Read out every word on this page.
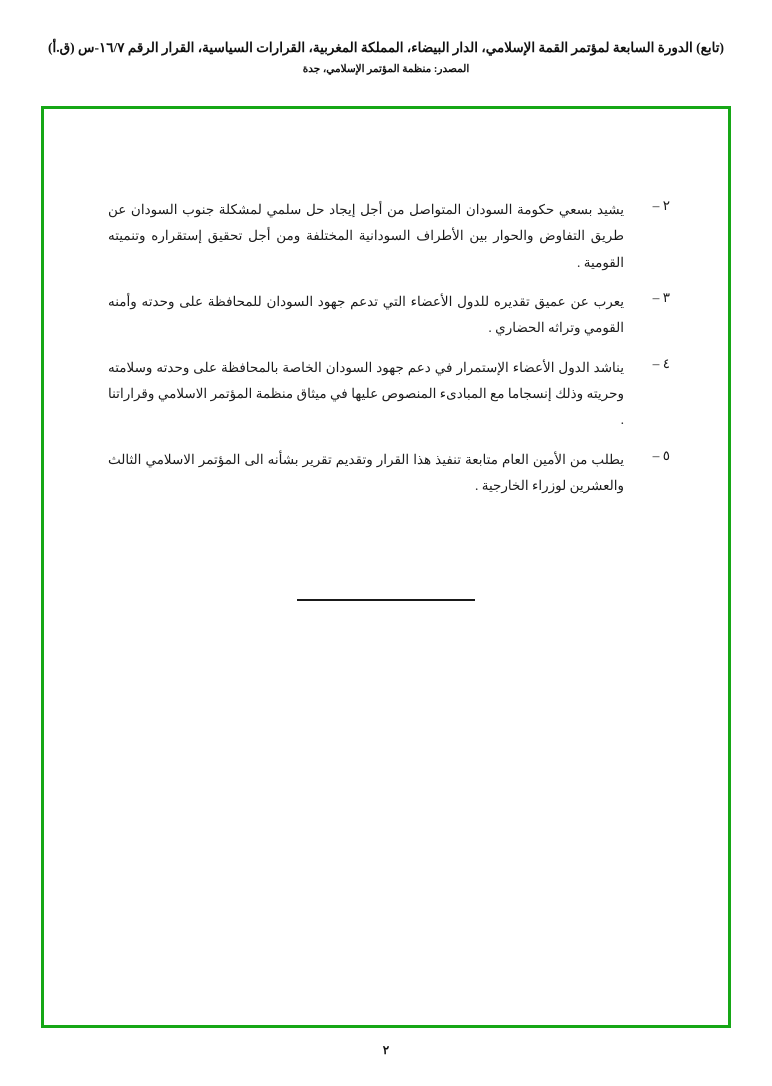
(تابع) الدورة السابعة لمؤتمر القمة الإسلامي، الدار البيضاء، المملكة المغربية، القرارات السياسية، القرار الرقم ١٦/٧-س (ق.أ)
المصدر: منظمة المؤتمر الإسلامي، جدة
٢ –
يشيد بسعي حكومة السودان المتواصل من أجل إيجاد حل سلمي لمشكلة جنوب السودان عن طريق التفاوض والحوار بين الأطراف السودانية المختلفة ومن أجل تحقيق إستقراره وتنميته القومية .
٣ –
يعرب عن عميق تقديره للدول الأعضاء التي تدعم جهود السودان للمحافظة على وحدته وأمنه القومي وتراثه الحضاري .
٤ –
يناشد الدول الأعضاء الإستمرار في دعم جهود السودان الخاصة بالمحافظة على وحدته وسلامته وحريته وذلك إنسجاما مع المبادىء المنصوص عليها في ميثاق منظمة المؤتمر الاسلامي وقراراتنا .
٥ –
يطلب من الأمين العام متابعة تنفيذ هذا القرار وتقديم تقرير بشأنه الى المؤتمر الاسلامي الثالث والعشرين لوزراء الخارجية .
٢
